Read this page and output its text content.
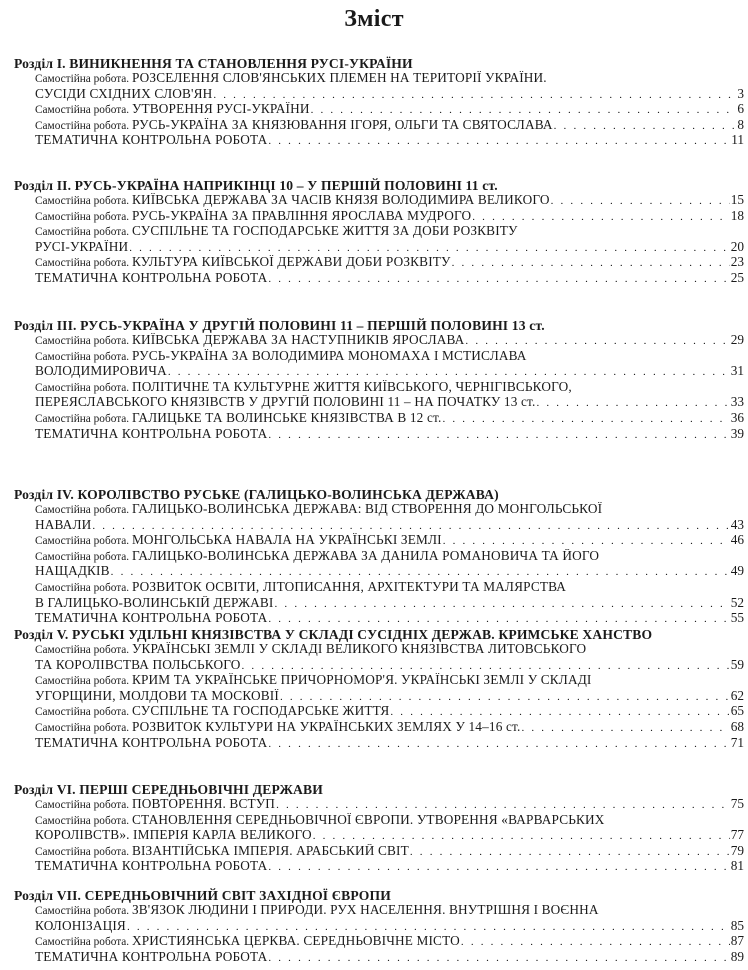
Зміст
Розділ I. ВИНИКНЕННЯ ТА СТАНОВЛЕННЯ РУСІ-УКРАЇНИ
Самостійна робота. РОЗСЕЛЕННЯ СЛОВ'ЯНСЬКИХ ПЛЕМЕН НА ТЕРИТОРІЇ УКРАЇНИ.
СУСІДИ СХІДНИХ СЛОВ'ЯН . . .	3
Самостійна робота. УТВОРЕННЯ РУСІ-УКРАЇНИ . . .	6
Самостійна робота. РУСЬ-УКРАЇНА ЗА КНЯЗЮВАННЯ ІГОРЯ, ОЛЬГИ ТА СВЯТОСЛАВА . . .	8
ТЕМАТИЧНА КОНТРОЛЬНА РОБОТА . . .	11
Розділ II. РУСЬ-УКРАЇНА НАПРИКІНЦІ 10 – У ПЕРШІЙ ПОЛОВИНІ 11 ст.
Самостійна робота. КИЇВСЬКА ДЕРЖАВА ЗА ЧАСІВ КНЯЗЯ ВОЛОДИМИРА ВЕЛИКОГО . . .	15
Самостійна робота. РУСЬ-УКРАЇНА ЗА ПРАВЛІННЯ ЯРОСЛАВА МУДРОГО . . .	18
Самостійна робота. СУСПІЛЬНЕ ТА ГОСПОДАРСЬКЕ ЖИТТЯ ЗА ДОБИ РОЗКВІТУ
РУСІ-УКРАЇНИ . . .	20
Самостійна робота. КУЛЬТУРА КИЇВСЬКОЇ ДЕРЖАВИ ДОБИ РОЗКВІТУ . . .	23
ТЕМАТИЧНА КОНТРОЛЬНА РОБОТА . . .	25
Розділ III. РУСЬ-УКРАЇНА У ДРУГІЙ ПОЛОВИНІ 11 – ПЕРШІЙ ПОЛОВИНІ 13 ст.
Самостійна робота. КИЇВСЬКА ДЕРЖАВА ЗА НАСТУПНИКІВ ЯРОСЛАВА . . .	29
Самостійна робота. РУСЬ-УКРАЇНА ЗА ВОЛОДИМИРА МОНОМАХА І МСТИСЛАВА
ВОЛОДИМИРОВИЧА . . .	31
Самостійна робота. ПОЛІТИЧНЕ ТА КУЛЬТУРНЕ ЖИТТЯ КИЇВСЬКОГО, ЧЕРНІГІВСЬКОГО,
ПЕРЕЯСЛАВСЬКОГО КНЯЗІВСТВ У ДРУГІЙ ПОЛОВИНІ 11 – НА ПОЧАТКУ 13 ст. . . .	33
Самостійна робота. ГАЛИЦЬКЕ ТА ВОЛИНСЬКЕ КНЯЗІВСТВА В 12 ст. . . .	36
ТЕМАТИЧНА КОНТРОЛЬНА РОБОТА . . .	39
Розділ IV. КОРОЛІВСТВО РУСЬКЕ (ГАЛИЦЬКО-ВОЛИНСЬКА ДЕРЖАВА)
Самостійна робота. ГАЛИЦЬКО-ВОЛИНСЬКА ДЕРЖАВА: ВІД СТВОРЕННЯ ДО МОНГОЛЬСЬКОЇ
НАВАЛИ . . .	43
Самостійна робота. МОНГОЛЬСЬКА НАВАЛА НА УКРАЇНСЬКІ ЗЕМЛІ . . .	46
Самостійна робота. ГАЛИЦЬКО-ВОЛИНСЬКА ДЕРЖАВА ЗА ДАНИЛА РОМАНОВИЧА ТА ЙОГО
НАЩАДКІВ . . .	49
Самостійна робота. РОЗВИТОК ОСВІТИ, ЛІТОПИСАННЯ, АРХІТЕКТУРИ ТА МАЛЯРСТВА
В ГАЛИЦЬКО-ВОЛИНСЬКІЙ ДЕРЖАВІ . . .	52
ТЕМАТИЧНА КОНТРОЛЬНА РОБОТА . . .	55
Розділ V. РУСЬКІ УДІЛЬНІ КНЯЗІВСТВА У СКЛАДІ СУСІДНІХ ДЕРЖАВ. КРИМСЬКЕ ХАНСТВО
Самостійна робота. УКРАЇНСЬКІ ЗЕМЛІ У СКЛАДІ ВЕЛИКОГО КНЯЗІВСТВА ЛИТОВСЬКОГО
ТА КОРОЛІВСТВА ПОЛЬСЬКОГО . . .	59
Самостійна робота. КРИМ ТА УКРАЇНСЬКЕ ПРИЧОРНОМОР'Я. УКРАЇНСЬКІ ЗЕМЛІ У СКЛАДІ
УГОРЩИНИ, МОЛДОВИ ТА МОСКОВІЇ . . .	62
Самостійна робота. СУСПІЛЬНЕ ТА ГОСПОДАРСЬКЕ ЖИТТЯ . . .	65
Самостійна робота. РОЗВИТОК КУЛЬТУРИ НА УКРАЇНСЬКИХ ЗЕМЛЯХ У 14–16 ст. . . .	68
ТЕМАТИЧНА КОНТРОЛЬНА РОБОТА . . .	71
Розділ VI. ПЕРШІ СЕРЕДНЬОВІЧНІ ДЕРЖАВИ
Самостійна робота. ПОВТОРЕННЯ. ВСТУП . . .	75
Самостійна робота. СТАНОВЛЕННЯ СЕРЕДНЬОВІЧНОЇ ЄВРОПИ. УТВОРЕННЯ «ВАРВАРСЬКИХ
КОРОЛІВСТВ». ІМПЕРІЯ КАРЛА ВЕЛИКОГО . . .	77
Самостійна робота. ВІЗАНТІЙСЬКА ІМПЕРІЯ. АРАБСЬКИЙ СВІТ . . .	79
ТЕМАТИЧНА КОНТРОЛЬНА РОБОТА . . .	81
Розділ VII. СЕРЕДНЬОВІЧНИЙ СВІТ ЗАХІДНОЇ ЄВРОПИ
Самостійна робота. ЗВ'ЯЗОК ЛЮДИНИ І ПРИРОДИ. РУХ НАСЕЛЕННЯ. ВНУТРІШНЯ І ВОЄННА
КОЛОНІЗАЦІЯ . . .	85
Самостійна робота. ХРИСТИЯНСЬКА ЦЕРКВА. СЕРЕДНЬОВІЧНЕ МІСТО . . .	87
ТЕМАТИЧНА КОНТРОЛЬНА РОБОТА . . .	89
